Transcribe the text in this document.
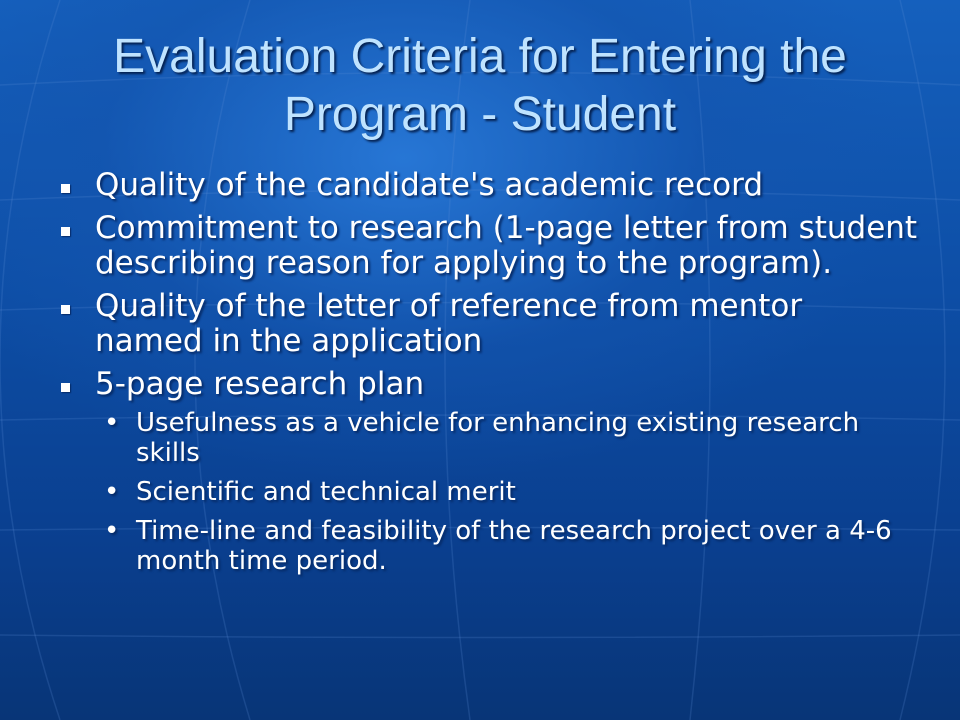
Evaluation Criteria for Entering the Program - Student
Quality of the candidate's academic record
Commitment to research (1-page letter from student describing reason for applying to the program).
Quality of the letter of reference from mentor named in the application
5-page research plan
• Usefulness as a vehicle for enhancing existing research skills
• Scientific and technical merit
• Time-line and feasibility of the research project over a 4-6 month time period.
